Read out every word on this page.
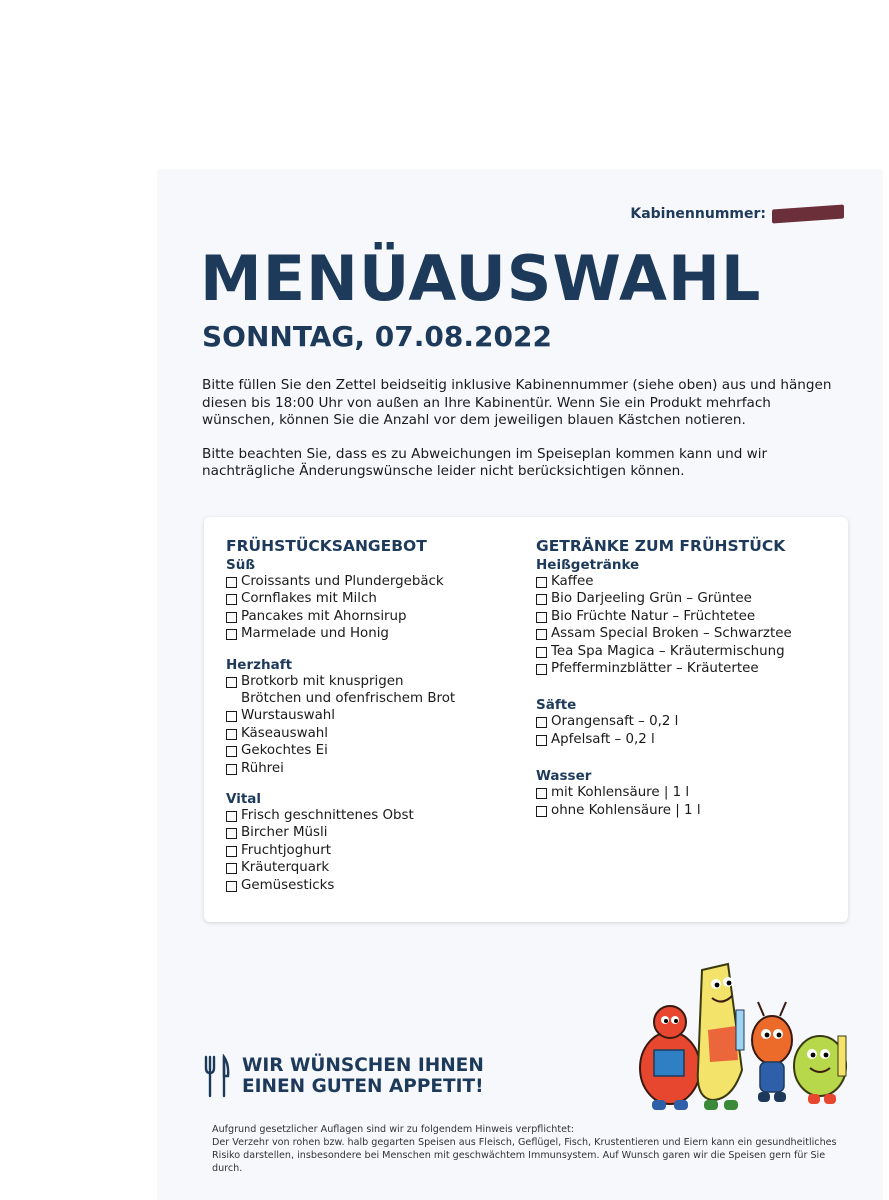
Kabinennummer:
MENÜAUSWAHL
SONNTAG, 07.08.2022

Bitte füllen Sie den Zettel beidseitig inklusive Kabinennummer (siehe oben) aus und hängen diesen bis 18:00 Uhr von außen an Ihre Kabinentür. Wenn Sie ein Produkt mehrfach wünschen, können Sie die Anzahl vor dem jeweiligen blauen Kästchen notieren.

Bitte beachten Sie, dass es zu Abweichungen im Speiseplan kommen kann und wir nachträgliche Änderungswünsche leider nicht berücksichtigen können.

FRÜHSTÜCKSANGEBOT
Süß
Croissants und Plundergebäck
Cornflakes mit Milch
Pancakes mit Ahornsirup
Marmelade und Honig
Herzhaft
Brotkorb mit knusprigen Brötchen und ofenfrischem Brot
Wurstauswahl
Käseauswahl
Gekochtes Ei
Rührei
Vital
Frisch geschnittenes Obst
Bircher Müsli
Fruchtjoghurt
Kräuterquark
Gemüsesticks
GETRÄNKE ZUM FRÜHSTÜCK
Heißgetränke
Kaffee
Bio Darjeeling Grün – Grüntee
Bio Früchte Natur – Früchtetee
Assam Special Broken – Schwarztee
Tea Spa Magica – Kräutermischung
Pfefferminzblätter – Kräutertee
Säfte
Orangensaft – 0,2 l
Apfelsaft – 0,2 l
Wasser
mit Kohlensäure | 1 l
ohne Kohlensäure | 1 l
WIR WÜNSCHEN IHNEN
EINEN GUTEN APPETIT!
Aufgrund gesetzlicher Auflagen sind wir zu folgendem Hinweis verpflichtet:
Der Verzehr von rohen bzw. halb gegarten Speisen aus Fleisch, Geflügel, Fisch, Krustentieren und Eiern kann ein gesundheitliches Risiko darstellen, insbesondere bei Menschen mit geschwächtem Immunsystem. Auf Wunsch garen wir die Speisen gern für Sie durch.
